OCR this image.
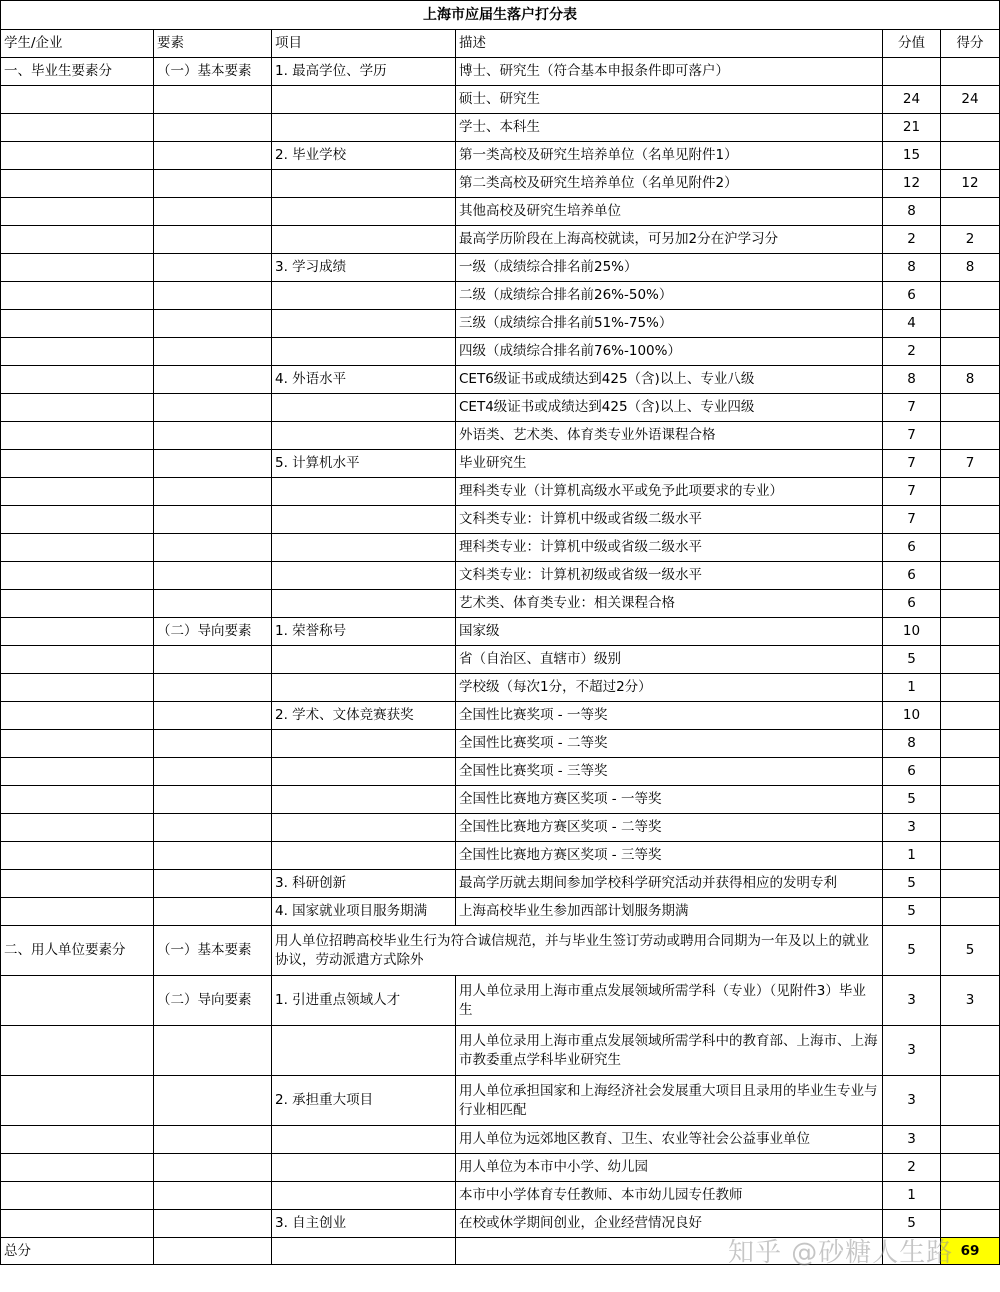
上海市应届生落户打分表					
学生/企业	要素	项目	描述	分值	得分
一、毕业生要素分	（一）基本要素	1. 最高学位、学历	博士、研究生（符合基本申报条件即可落户）		
			硕士、研究生	24	24
			学士、本科生	21	
		2. 毕业学校	第一类高校及研究生培养单位（名单见附件1）	15	
			第二类高校及研究生培养单位（名单见附件2）	12	12
			其他高校及研究生培养单位	8	
			最高学历阶段在上海高校就读，可另加2分在沪学习分	2	2
		3. 学习成绩	一级（成绩综合排名前25%）	8	8
			二级（成绩综合排名前26%-50%）	6	
			三级（成绩综合排名前51%-75%）	4	
			四级（成绩综合排名前76%-100%）	2	
		4. 外语水平	CET6级证书或成绩达到425（含)以上、专业八级	8	8
			CET4级证书或成绩达到425（含)以上、专业四级	7	
			外语类、艺术类、体育类专业外语课程合格	7	
		5. 计算机水平	毕业研究生	7	7
			理科类专业（计算机高级水平或免予此项要求的专业）	7	
			文科类专业：计算机中级或省级二级水平	7	
			理科类专业：计算机中级或省级二级水平	6	
			文科类专业：计算机初级或省级一级水平	6	
			艺术类、体育类专业：相关课程合格	6	
	（二）导向要素	1. 荣誉称号	国家级	10	
			省（自治区、直辖市）级别	5	
			学校级（每次1分，不超过2分）	1	
		2. 学术、文体竞赛获奖	全国性比赛奖项 - 一等奖	10	
			全国性比赛奖项 - 二等奖	8	
			全国性比赛奖项 - 三等奖	6	
			全国性比赛地方赛区奖项 - 一等奖	5	
			全国性比赛地方赛区奖项 - 二等奖	3	
			全国性比赛地方赛区奖项 - 三等奖	1	
		3. 科研创新	最高学历就去期间参加学校科学研究活动并获得相应的发明专利	5	
		4. 国家就业项目服务期满	上海高校毕业生参加西部计划服务期满	5	
二、用人单位要素分	（一）基本要素	用人单位招聘高校毕业生行为符合诚信规范，并与毕业生签订劳动或聘用合同期为一年及以上的就业协议，劳动派遣方式除外		5	5
	（二）导向要素	1. 引进重点领域人才	用人单位录用上海市重点发展领域所需学科（专业）（见附件3）毕业生	3	3
			用人单位录用上海市重点发展领域所需学科中的教育部、上海市、上海市教委重点学科毕业研究生	3	
		2. 承担重大项目	用人单位承担国家和上海经济社会发展重大项目且录用的毕业生专业与行业相匹配	3	
			用人单位为远郊地区教育、卫生、农业等社会公益事业单位	3	
			用人单位为本市中小学、幼儿园	2	
			本市中小学体育专任教师、本市幼儿园专任教师	1	
		3. 自主创业	在校或休学期间创业，企业经营情况良好	5	
总分					69
知乎 @砂糖人生路
